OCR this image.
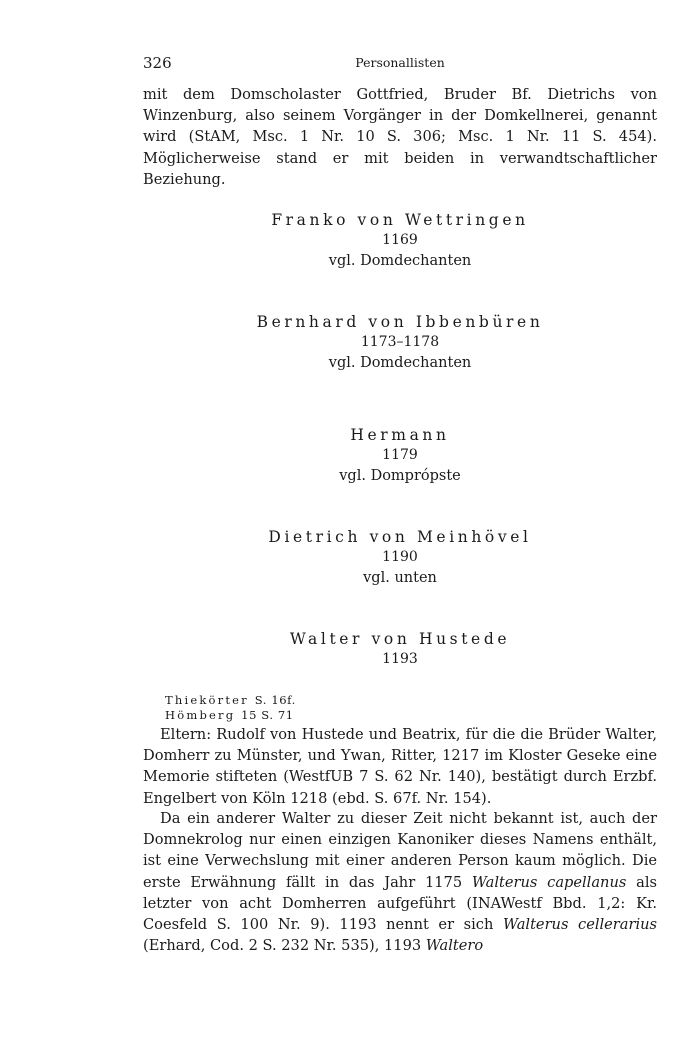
326	Personallisten

mit dem Domscholaster Gottfried, Bruder Bf. Dietrichs von Winzenburg, also seinem Vorgänger in der Domkellnerei, genannt wird (StAM, Msc. 1 Nr. 10 S. 306; Msc. 1 Nr. 11 S. 454). Möglicherweise stand er mit beiden in verwandtschaftlicher Beziehung.

Franko von Wettringen

1169

vgl. Domdechanten

Bernhard von Ibbenbüren

1173–1178

vgl. Domdechanten

Hermann

1179

vgl. Domprópste

Dietrich von Meinhövel

1190

vgl. unten

Walter von Hustede

1193

Thiekörter S. 16f.

Hömberg 15 S. 71

Eltern: Rudolf von Hustede und Beatrix, für die die Brüder Walter, Domherr zu Münster, und Ywan, Ritter, 1217 im Kloster Geseke eine Memorie stifteten (WestfUB 7 S. 62 Nr. 140), bestätigt durch Erzbf. Engelbert von Köln 1218 (ebd. S. 67f. Nr. 154).

Da ein anderer Walter zu dieser Zeit nicht bekannt ist, auch der Domnekrolog nur einen einzigen Kanoniker dieses Namens enthält, ist eine Verwechslung mit einer anderen Person kaum möglich. Die erste Erwähnung fällt in das Jahr 1175 Walterus capellanus als letzter von acht Domherren aufgeführt (INAWestf Bbd. 1,2: Kr. Coesfeld S. 100 Nr. 9). 1193 nennt er sich Walterus cellerarius (Erhard, Cod. 2 S. 232 Nr. 535), 1193 Waltero
